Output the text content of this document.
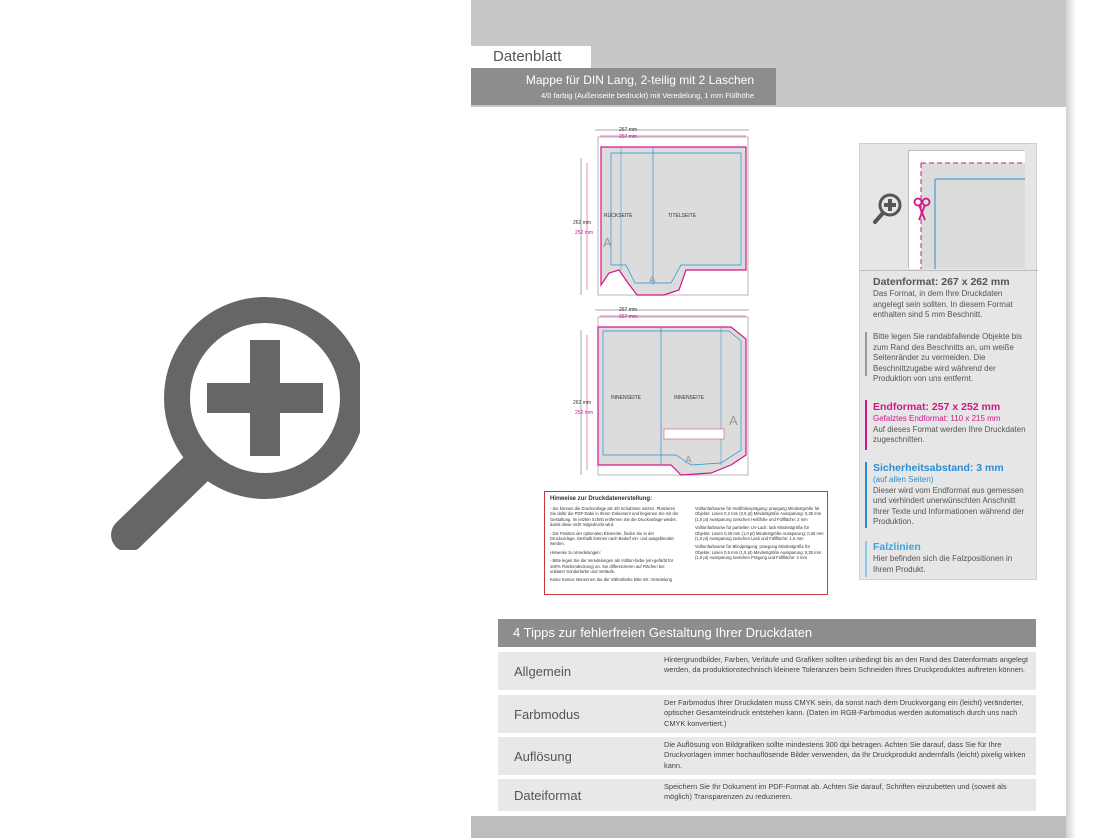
Datenblatt
Mappe für DIN Lang, 2-teilig mit 2 Laschen
4/0 farbig (Außenseite bedruckt) mit Veredelung, 1 mm Füllhöhe
267 mm
257 mm
RÜCKSEITE	TITELSEITE
262 mm
252 mm
A
A
267 mm
257 mm
INNENSEITE	INNENSEITE
262 mm
252 mm	A
A
Hinweise zur Druckdatenerstellung:

- Sie können die Druckvorlage als 4/0 Schablone nutzen. Platzieren Sie dafür die PDF-Datei in Ihrem Dokument und beginnen Sie mit der Gestaltung. Im letzten Schritt entfernen Sie die Druckvorlage wieder, damit diese nicht mitgedruckt wird.

- Die Position der optionalen Elemente, finden Sie in der Druckvorlage. Deshalb können nach Bedarf ein- und ausgeblendet werden.

Hinweise zu Veredelungen:

- Bitte legen Sie die Veredelungen als Vollton-farbe (ein-gefärbt für 100% Flächendeckung) an. Sie differenzieren auf Flächen bei unklarer Sonderfarbe und Verläufe.

Keine Kontur. Benennen Sie die Volltonfarbe bitte mit: Veredelung

Volltonfarbname für Heißfolienprägung: praegung Mindestgröße für Objekte: Linien 0,2 mm (0,6 pt) Mindestgröße Aussparung: 0,35 mm (1,0 pt) Aussparung zwischen Heißfolie und Füllfläche: 2 mm

Volltonfarbname für partiellen UV-Lack: lack Mindestgröße für Objekte: Linien 0,25 mm (1,0 pt) Mindestgröße Aussparung: 0,35 mm (1,0 pt) Aussparung zwischen Lack und Füllfläche: 1,5 mm

Volltonfarbname für Blindprägung: praegung Mindestgröße für Objekte: Linien 0,5 mm (1,5 pt) Mindestgröße Aussparung: 0,35 mm (1,5 pt) Aussparung zwischen Prägung und Füllfläche: 2 mm

Datenformat: 267 x 262 mm
Das Format, in dem Ihre Druckdaten angelegt sein sollten. In diesem Format enthalten sind 5 mm Beschnitt.
Bitte legen Sie randabfallende Objekte bis zum Rand des Beschnitts an, um weiße Seitenränder zu vermeiden. Die Beschnittzugabe wird während der Produktion von uns entfernt.
Endformat: 257 x 252 mm
Gefalztes Endformat: 110 x 215 mm
Auf dieses Format werden Ihre Druckdaten zugeschnitten.
Sicherheitsabstand: 3 mm
(auf allen Seiten)
Dieser wird vom Endformat aus gemessen und verhindert unerwünschten Anschnitt Ihrer Texte und Informationen während der Produktion.
Falzlinien
Hier befinden sich die Falzpositionen in Ihrem Produkt.
4 Tipps zur fehlerfreien Gestaltung Ihrer Druckdaten
Allgemein
Hintergrundbilder, Farben, Verläufe und Grafiken sollten unbedingt bis an den Rand des Datenformats angelegt werden, da produktionstechnisch kleinere Toleranzen beim Schneiden Ihres Druckproduktes auftreten können.
Farbmodus
Der Farbmodus Ihrer Druckdaten muss CMYK sein, da sonst nach dem Druckvorgang ein (leicht) veränderter, optischer Gesamteindruck entstehen kann. (Daten im RGB-Farbmodus werden automatisch durch uns nach CMYK konvertiert.)
Auflösung
Die Auflösung von Bildgrafiken sollte mindestens 300 dpi betragen. Achten Sie darauf, dass Sie für Ihre Druckvorlagen immer hochauflösende Bilder verwenden, da Ihr Druckprodukt andernfalls (leicht) pixelig wirken kann.
Dateiformat
Speichern Sie Ihr Dokument im PDF-Format ab. Achten Sie darauf, Schriften einzubetten und (soweit als möglich) Transparenzen zu reduzieren.
